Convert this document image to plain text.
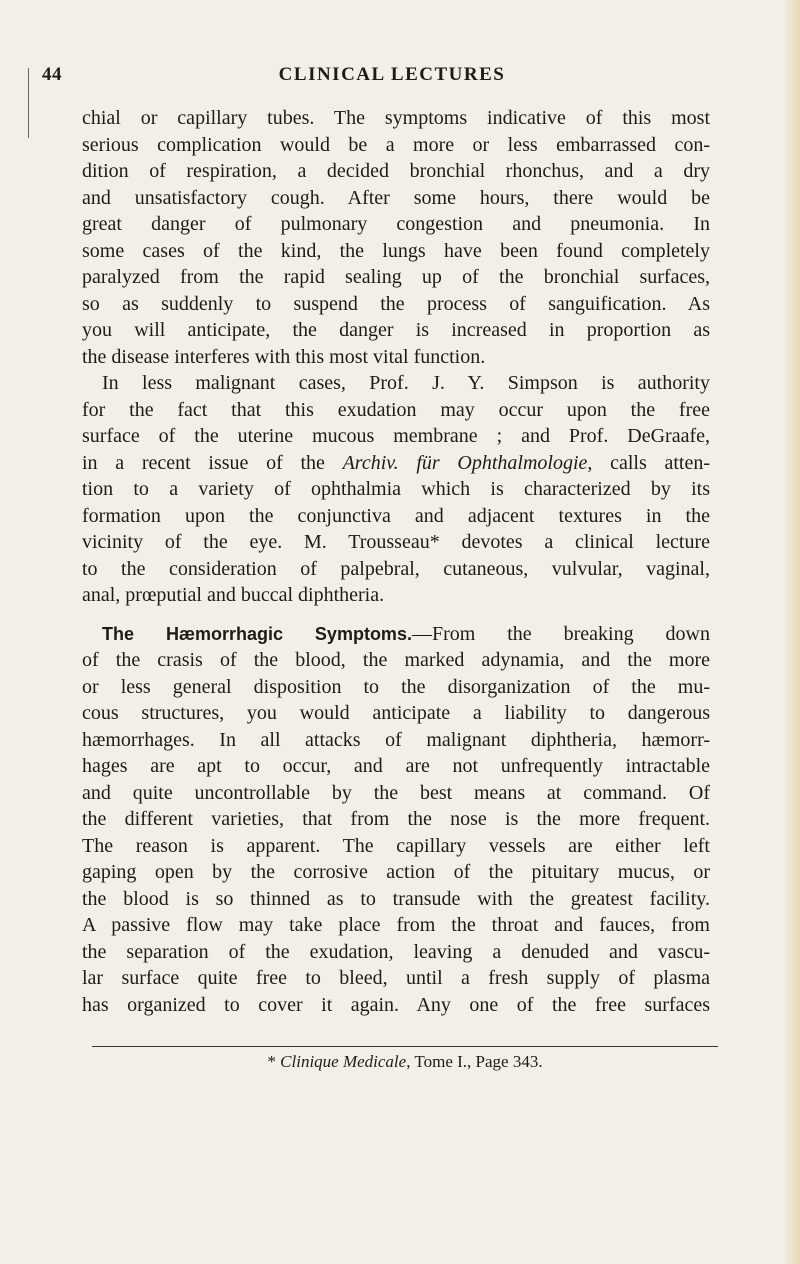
44	CLINICAL LECTURES
chial or capillary tubes. The symptoms indicative of this most
serious complication would be a more or less embarrassed con-
dition of respiration, a decided bronchial rhonchus, and a dry
and unsatisfactory cough. After some hours, there would be
great danger of pulmonary congestion and pneumonia. In
some cases of the kind, the lungs have been found completely
paralyzed from the rapid sealing up of the bronchial surfaces,
so as suddenly to suspend the process of sanguification. As
you will anticipate, the danger is increased in proportion as
the disease interferes with this most vital function.
In less malignant cases, Prof. J. Y. Simpson is authority
for the fact that this exudation may occur upon the free
surface of the uterine mucous membrane ; and Prof. DeGraafe,
in a recent issue of the Archiv. für Ophthalmologie, calls atten-
tion to a variety of ophthalmia which is characterized by its
formation upon the conjunctiva and adjacent textures in the
vicinity of the eye. M. Trousseau* devotes a clinical lecture
to the consideration of palpebral, cutaneous, vulvular, vaginal,
anal, prœputial and buccal diphtheria.
The Hæmorrhagic Symptoms.—From the breaking down
of the crasis of the blood, the marked adynamia, and the more
or less general disposition to the disorganization of the mu-
cous structures, you would anticipate a liability to dangerous
hæmorrhages. In all attacks of malignant diphtheria, hæmorr-
hages are apt to occur, and are not unfrequently intractable
and quite uncontrollable by the best means at command. Of
the different varieties, that from the nose is the more frequent.
The reason is apparent. The capillary vessels are either left
gaping open by the corrosive action of the pituitary mucus, or
the blood is so thinned as to transude with the greatest facility.
A passive flow may take place from the throat and fauces, from
the separation of the exudation, leaving a denuded and vascu-
lar surface quite free to bleed, until a fresh supply of plasma
has organized to cover it again. Any one of the free surfaces
* Clinique Medicale, Tome I., Page 343.
